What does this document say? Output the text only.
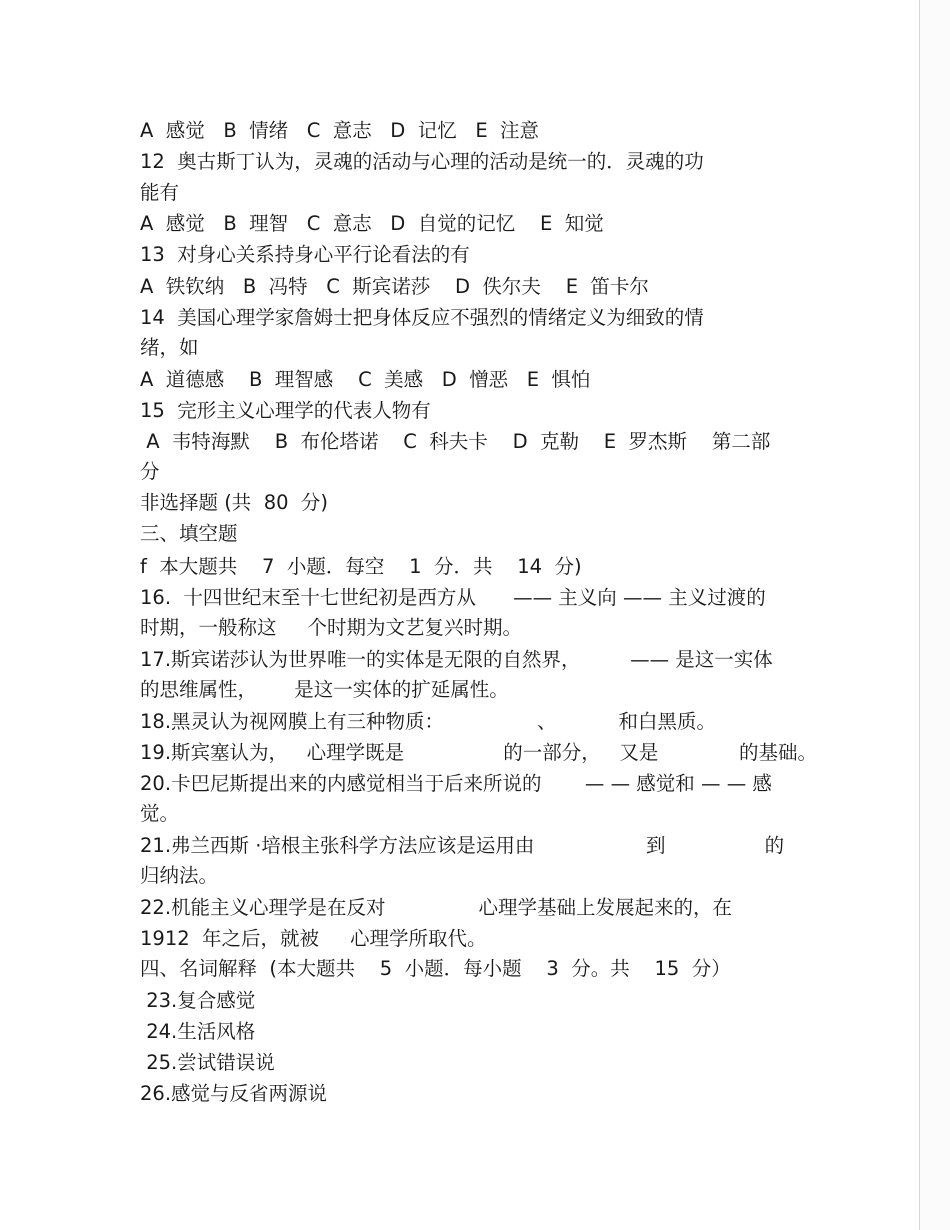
A  感觉   B  情绪   C  意志   D  记忆   E  注意
12  奥古斯丁认为，灵魂的活动与心理的活动是统一的．灵魂的功
能有
A  感觉   B  理智   C  意志   D  自觉的记忆    E  知觉
13  对身心关系持身心平行论看法的有
A  铁钦纳   B  冯特   C  斯宾诺莎    D  佚尔夫    E  笛卡尔
14  美国心理学家詹姆士把身体反应不强烈的情绪定义为细致的情
绪，如
A  道德感    B  理智感    C  美感   D  憎恶   E  惧怕
15  完形主义心理学的代表人物有
A  韦特海默    B  布伦塔诺    C  科夫卡    D  克勒    E  罗杰斯    第二部
分
非选择题 (共  80  分)
三、填空题
f  本大题共    7  小题．每空    1  分．共    14  分)
16.  十四世纪末至十七世纪初是西方从      —— 主义向 —— 主义过渡的
时期，一般称这     个时期为文艺复兴时期。
17.斯宾诺莎认为世界唯一的实体是无限的自然界，        —— 是这一实体
的思维属性，      是这一实体的扩延属性。
18.黑灵认为视网膜上有三种物质：               、          和白黑质。
19.斯宾塞认为，   心理学既是                的一部分，   又是             的基础。
20.卡巴尼斯提出来的内感觉相当于后来所说的       — — 感觉和 — — 感
觉。
21.弗兰西斯 ·培根主张科学方法应该是运用由                  到                的
归纳法。
22.机能主义心理学是在反对               心理学基础上发展起来的，在
1912  年之后，就被     心理学所取代。
四、名词解释  (本大题共    5  小题．每小题    3  分。共    15  分）
23.复合感觉
24.生活风格
25.尝试错误说
26.感觉与反省两源说
